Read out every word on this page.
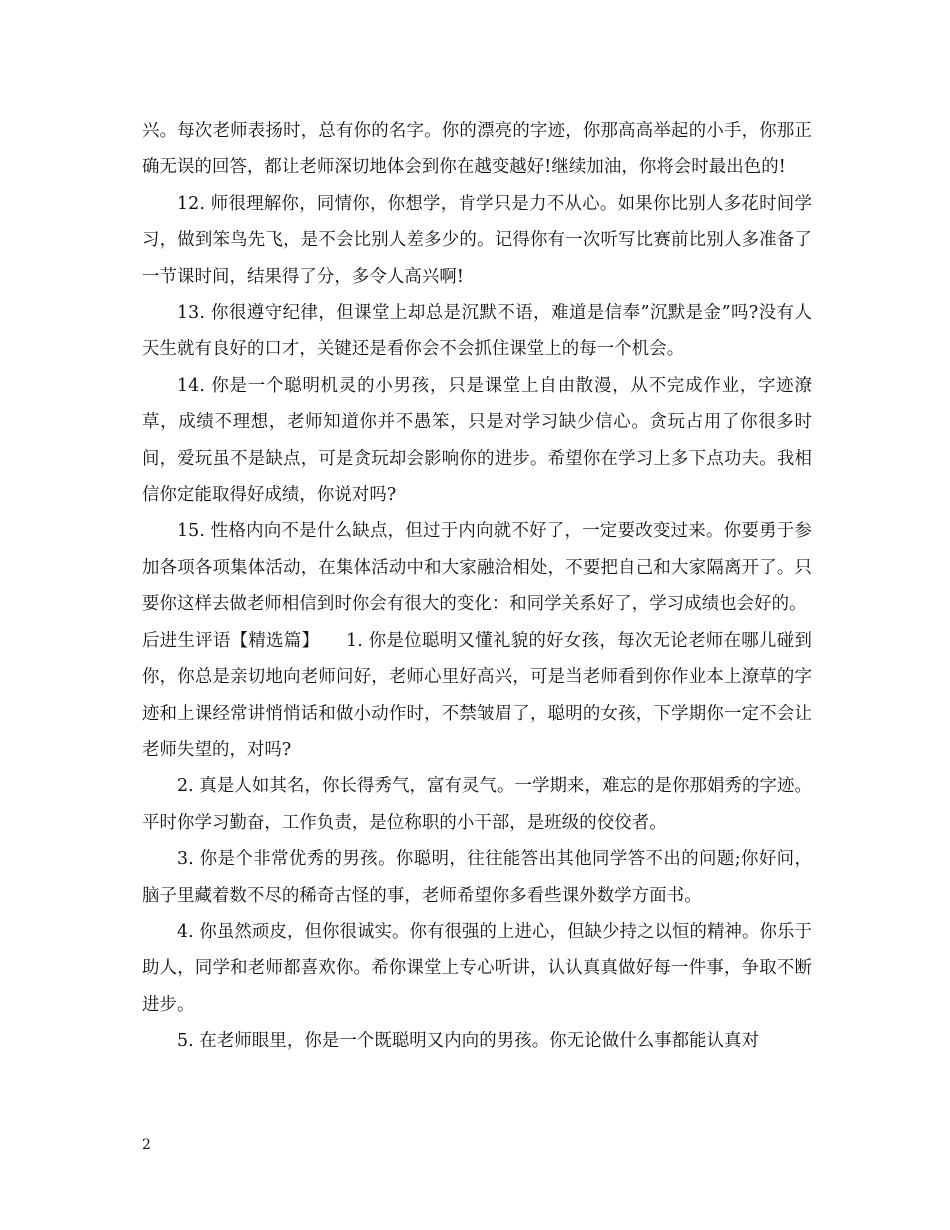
兴。每次老师表扬时，总有你的名字。你的漂亮的字迹，你那高高举起的小手，你那正确无误的回答，都让老师深切地体会到你在越变越好!继续加油，你将会时最出色的!

12. 师很理解你，同情你，你想学，肯学只是力不从心。如果你比别人多花时间学习，做到笨鸟先飞，是不会比别人差多少的。记得你有一次听写比赛前比别人多准备了一节课时间，结果得了分，多令人高兴啊!

13. 你很遵守纪律，但课堂上却总是沉默不语，难道是信奉”沉默是金”吗?没有人天生就有良好的口才，关键还是看你会不会抓住课堂上的每一个机会。

14. 你是一个聪明机灵的小男孩，只是课堂上自由散漫，从不完成作业，字迹潦草，成绩不理想，老师知道你并不愚笨，只是对学习缺少信心。贪玩占用了你很多时间，爱玩虽不是缺点，可是贪玩却会影响你的进步。希望你在学习上多下点功夫。我相信你定能取得好成绩，你说对吗?

15. 性格内向不是什么缺点，但过于内向就不好了，一定要改变过来。你要勇于参加各项各项集体活动，在集体活动中和大家融洽相处，不要把自己和大家隔离开了。只要你这样去做老师相信到时你会有很大的变化：和同学关系好了，学习成绩也会好的。

后进生评语【精选篇】　　1. 你是位聪明又懂礼貌的好女孩，每次无论老师在哪儿碰到你，你总是亲切地向老师问好，老师心里好高兴，可是当老师看到你作业本上潦草的字迹和上课经常讲悄悄话和做小动作时，不禁皱眉了，聪明的女孩，下学期你一定不会让老师失望的，对吗?

2. 真是人如其名，你长得秀气，富有灵气。一学期来，难忘的是你那娟秀的字迹。平时你学习勤奋，工作负责，是位称职的小干部，是班级的佼佼者。

3. 你是个非常优秀的男孩。你聪明，往往能答出其他同学答不出的问题;你好问，脑子里藏着数不尽的稀奇古怪的事，老师希望你多看些课外数学方面书。

4. 你虽然顽皮，但你很诚实。你有很强的上进心，但缺少持之以恒的精神。你乐于助人，同学和老师都喜欢你。希你课堂上专心听讲，认认真真做好每一件事，争取不断进步。

5. 在老师眼里，你是一个既聪明又内向的男孩。你无论做什么事都能认真对

2
